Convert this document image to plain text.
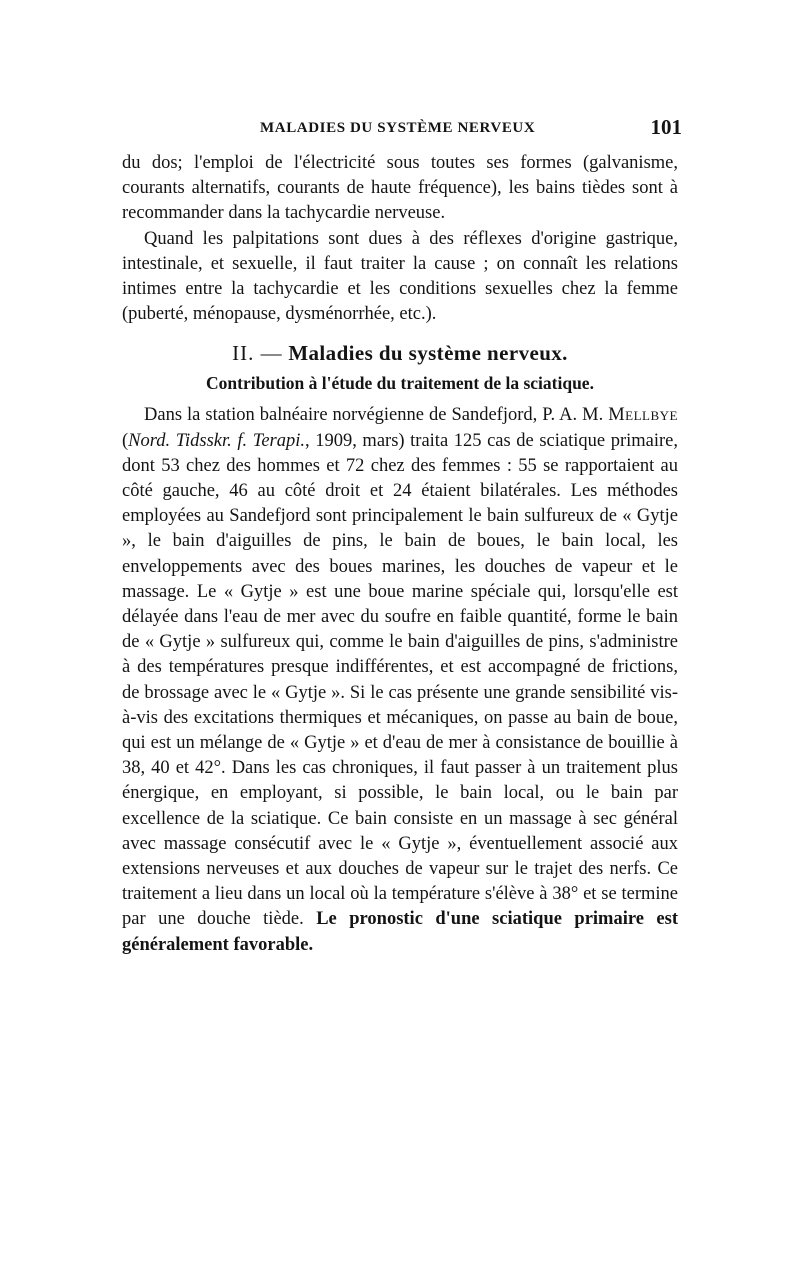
MALADIES DU SYSTÈME NERVEUX	101

du dos; l'emploi de l'électricité sous toutes ses formes (galvanisme, courants alternatifs, courants de haute fréquence), les bains tièdes sont à recommander dans la tachycardie nerveuse.

Quand les palpitations sont dues à des réflexes d'origine gastrique, intestinale, et sexuelle, il faut traiter la cause ; on connaît les relations intimes entre la tachycardie et les conditions sexuelles chez la femme (puberté, ménopause, dysménorrhée, etc.).

II. — Maladies du système nerveux.
Contribution à l'étude du traitement de la sciatique.

Dans la station balnéaire norvégienne de Sandefjord, P. A. M. Mellbye (Nord. Tidsskr. f. Terapi., 1909, mars) traita 125 cas de sciatique primaire, dont 53 chez des hommes et 72 chez des femmes : 55 se rapportaient au côté gauche, 46 au côté droit et 24 étaient bilatérales. Les méthodes employées au Sandefjord sont principalement le bain sulfureux de « Gytje », le bain d'aiguilles de pins, le bain de boues, le bain local, les enveloppements avec des boues marines, les douches de vapeur et le massage. Le « Gytje » est une boue marine spéciale qui, lorsqu'elle est délayée dans l'eau de mer avec du soufre en faible quantité, forme le bain de « Gytje » sulfureux qui, comme le bain d'aiguilles de pins, s'administre à des températures presque indifférentes, et est accompagné de frictions, de brossage avec le « Gytje ». Si le cas présente une grande sensibilité vis-à-vis des excitations thermiques et mécaniques, on passe au bain de boue, qui est un mélange de « Gytje » et d'eau de mer à consistance de bouillie à 38, 40 et 42°. Dans les cas chroniques, il faut passer à un traitement plus énergique, en employant, si possible, le bain local, ou le bain par excellence de la sciatique. Ce bain consiste en un massage à sec général avec massage consécutif avec le « Gytje », éventuellement associé aux extensions nerveuses et aux douches de vapeur sur le trajet des nerfs. Ce traitement a lieu dans un local où la température s'élève à 38° et se termine par une douche tiède. Le pronostic d'une sciatique primaire est généralement favorable.
